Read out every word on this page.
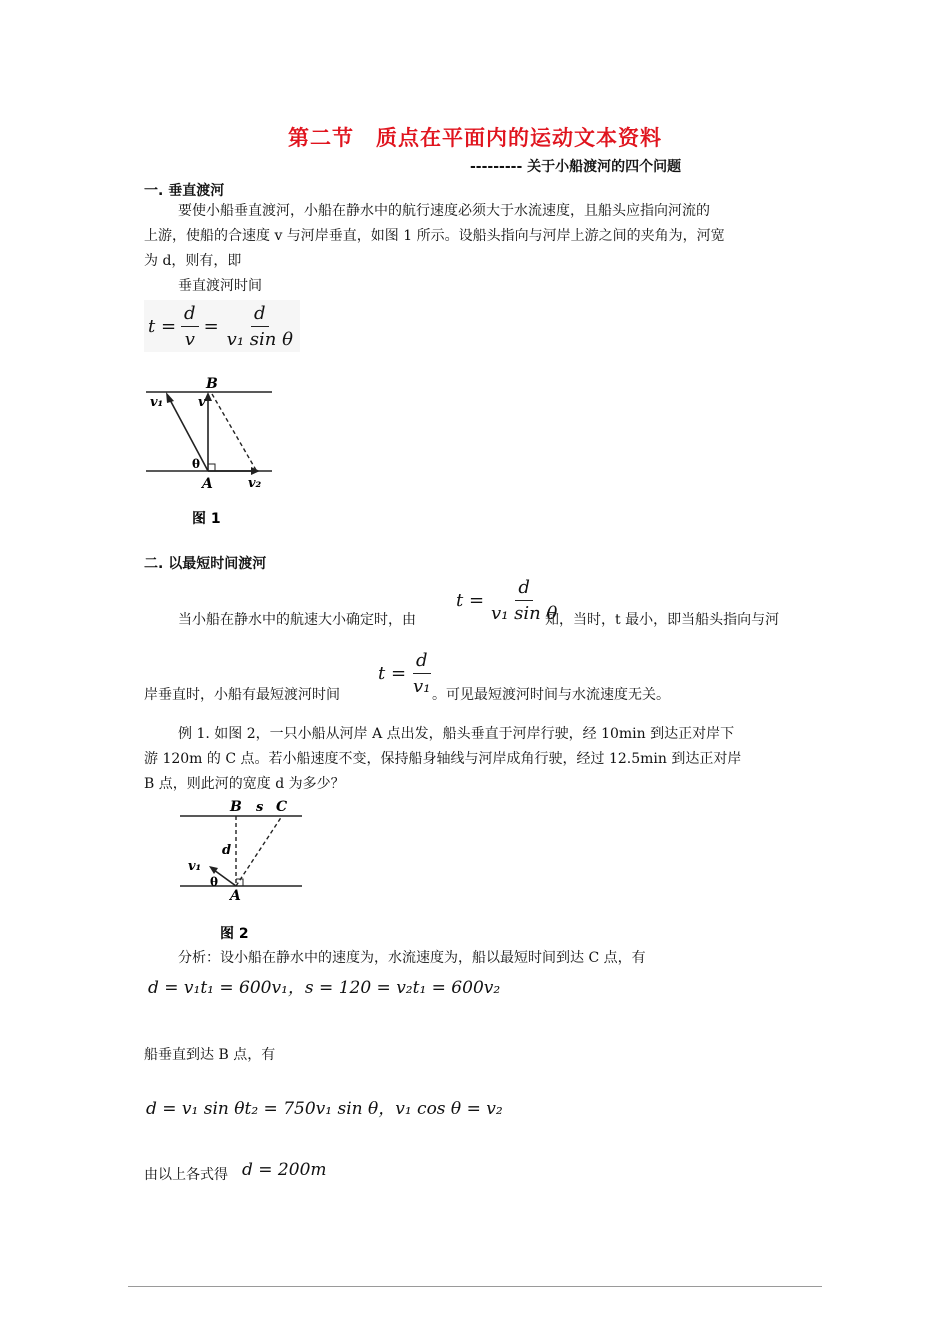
第二节　质点在平面内的运动文本资料
--------- 关于小船渡河的四个问题
一. 垂直渡河
要使小船垂直渡河，小船在静水中的航行速度必须大于水流速度，且船头应指向河流的
上游，使船的合速度 v 与河岸垂直，如图 1 所示。设船头指向与河岸上游之间的夹角为，河宽
为 d，则有，即
垂直渡河时间
$t = \frac{d}{v} = \frac{d}{\text{v₁ sin θ}}$
B
v₁	v
θ
A	v₂
图 1
二. 以最短时间渡河
$t = \frac{d}{\text{v₁ sin θ}}$
当小船在静水中的航速大小确定时，由	知，当时，t 最小，即当船头指向与河
$t = \frac{d}{\text{v₁}}$
岸垂直时，小船有最短渡河时间	。可见最短渡河时间与水流速度无关。
例 1. 如图 2，一只小船从河岸 A 点出发，船头垂直于河岸行驶，经 10min 到达正对岸下
游 120m 的 C 点。若小船速度不变，保持船身轴线与河岸成角行驶，经过 12.5min 到达正对岸
B 点，则此河的宽度 d 为多少？
B s C
d
v₁
θ
A
图 2
分析：设小船在静水中的速度为，水流速度为，船以最短时间到达 C 点，有
d = v₁t₁ = 600v₁，s = 120 = v₂t₁ = 600v₂
船垂直到达 B 点，有
d = v₁ sin θt₂ = 750v₁ sin θ，v₁ cos θ = v₂
由以上各式得 d = 200m
